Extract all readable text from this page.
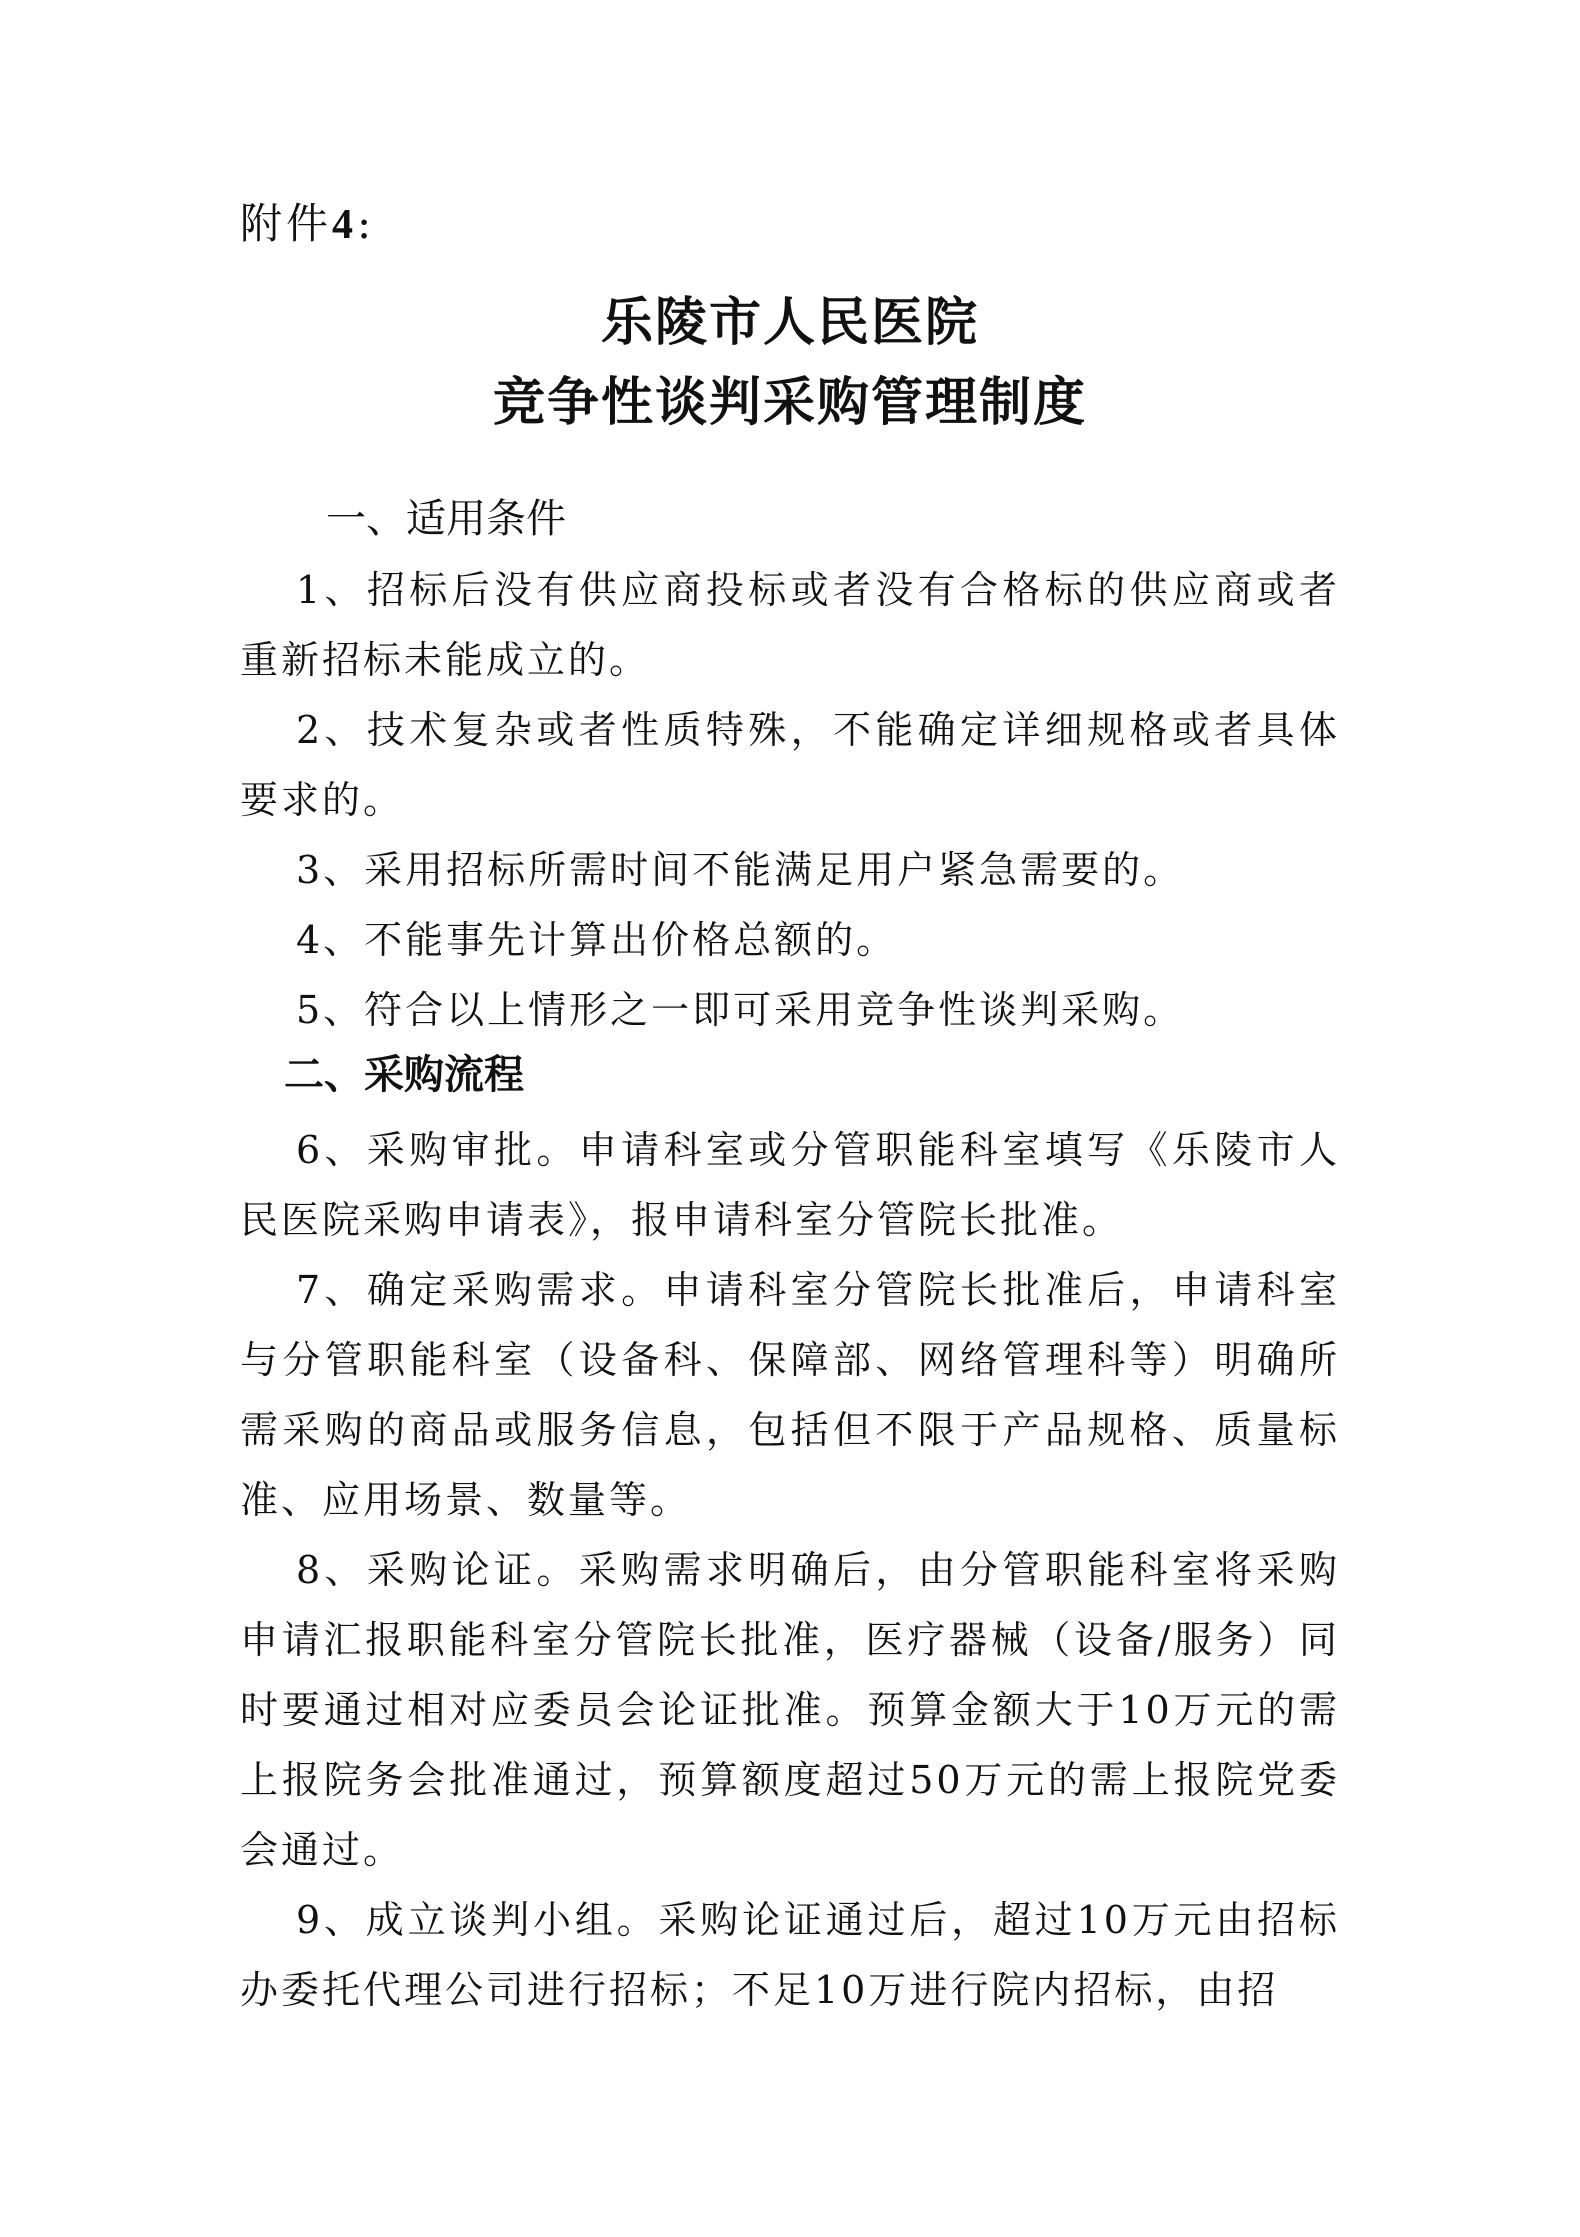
附件4:
乐陵市人民医院
竞争性谈判采购管理制度
一、适用条件

1、招标后没有供应商投标或者没有合格标的供应商或者重新招标未能成立的。

2、技术复杂或者性质特殊，不能确定详细规格或者具体要求的。

3、采用招标所需时间不能满足用户紧急需要的。

4、不能事先计算出价格总额的。

5、符合以上情形之一即可采用竞争性谈判采购。

二、采购流程

6、采购审批。申请科室或分管职能科室填写《乐陵市人民医院采购申请表》，报申请科室分管院长批准。

7、确定采购需求。申请科室分管院长批准后，申请科室与分管职能科室（设备科、保障部、网络管理科等）明确所需采购的商品或服务信息，包括但不限于产品规格、质量标准、应用场景、数量等。

8、采购论证。采购需求明确后，由分管职能科室将采购申请汇报职能科室分管院长批准，医疗器械（设备/服务）同时要通过相对应委员会论证批准。预算金额大于10万元的需上报院务会批准通过，预算额度超过50万元的需上报院党委会通过。

9、成立谈判小组。采购论证通过后，超过10万元由招标办委托代理公司进行招标；不足10万进行院内招标，由招
